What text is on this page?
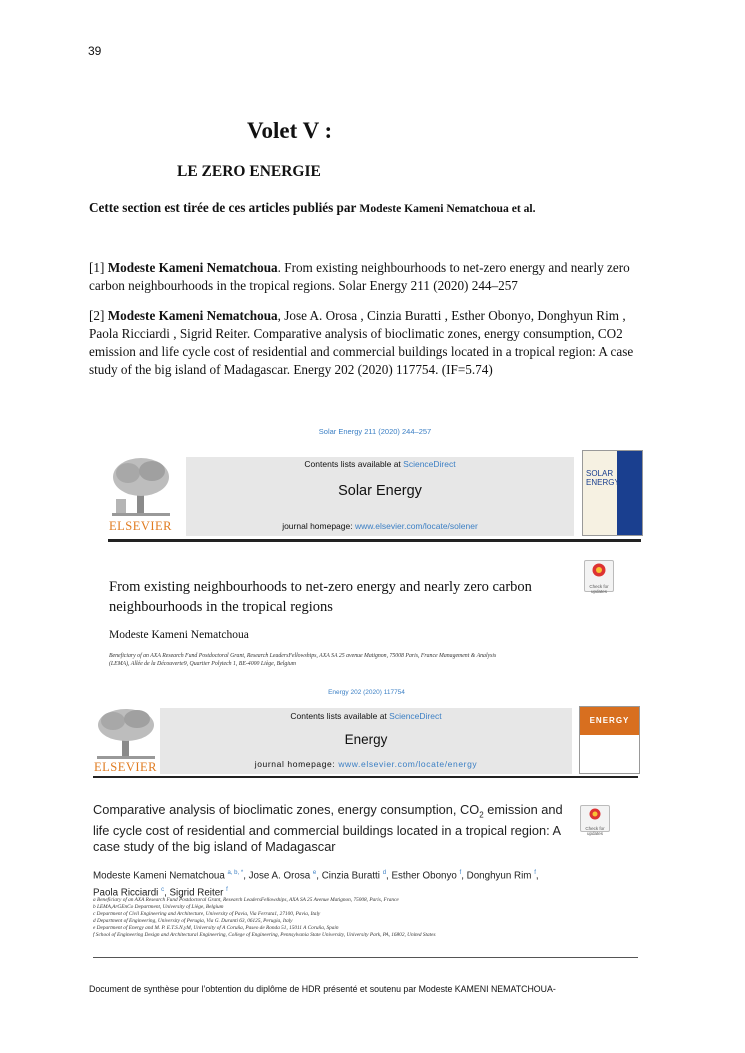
39
Volet V :
LE ZERO ENERGIE
Cette section est tirée de ces articles publiés par Modeste Kameni Nematchoua et al.
[1] Modeste Kameni Nematchoua. From existing neighbourhoods to net-zero energy and nearly zero carbon neighbourhoods in the tropical regions. Solar Energy 211 (2020) 244–257
[2] Modeste Kameni Nematchoua, Jose A. Orosa , Cinzia Buratti , Esther Obonyo, Donghyun Rim , Paola Ricciardi , Sigrid Reiter. Comparative analysis of bioclimatic zones, energy consumption, CO2 emission and life cycle cost of residential and commercial buildings located in a tropical region: A case study of the big island of Madagascar. Energy 202 (2020) 117754. (IF=5.74)
Solar Energy 211 (2020) 244–257
ELSEVIER
Contents lists available at ScienceDirect
Solar Energy
journal homepage: www.elsevier.com/locate/solener
SOLAR
ENERGY
Check for updates
From existing neighbourhoods to net-zero energy and nearly zero carbon neighbourhoods in the tropical regions
Modeste Kameni Nematchoua
Beneficiary of an AXA Research Fund Postdoctoral Grant, Research LeadersFellowships, AXA SA 25 avenue Matignon, 75008 Paris, France Management & Analysis (LEMA), Allée de la Découverte9, Quartier Polytech 1, BE-4000 Liège, Belgium
Energy 202 (2020) 117754
ELSEVIER
Contents lists available at ScienceDirect
Energy
journal homepage: www.elsevier.com/locate/energy
ENERGY
Check for updates
Comparative analysis of bioclimatic zones, energy consumption, $CO_2$ emission and life cycle cost of residential and commercial buildings located in a tropical region: A case study of the big island of Madagascar
Modeste Kameni Nematchoua $^{a, b, *}$, Jose A. Orosa $^e$, Cinzia Buratti $^d$, Esther Obonyo $^f$, Donghyun Rim $^f$, Paola Ricciardi $^c$, Sigrid Reiter $^f$
a Beneficiary of an AXA Research Fund Postdoctoral Grant, Research LeadersFellowships, AXA SA 25 Avenue Matignon, 75008, Paris, France
b LEMA,ArGEnCo Department, University of Liège, Belgium
c Department of Civil Engineering and Architecture, University of Pavia, Via Ferrata1, 27100, Pavia, Italy
d Department of Engineering, University of Perugia, Via G. Duranti 63, 06125, Perugia, Italy
e Department of Energy and M. P. E.T.S.N.yM, University of A Coruña, Paseo de Ronda 51, 15011 A Coruña, Spain
f School of Engineering Design and Architectural Engineering, College of Engineering, Pennsylvania State University, University Park, PA, 16802, United States
Document de synthèse pour l’obtention du diplôme de HDR présenté et soutenu par Modeste KAMENI NEMATCHOUA-
